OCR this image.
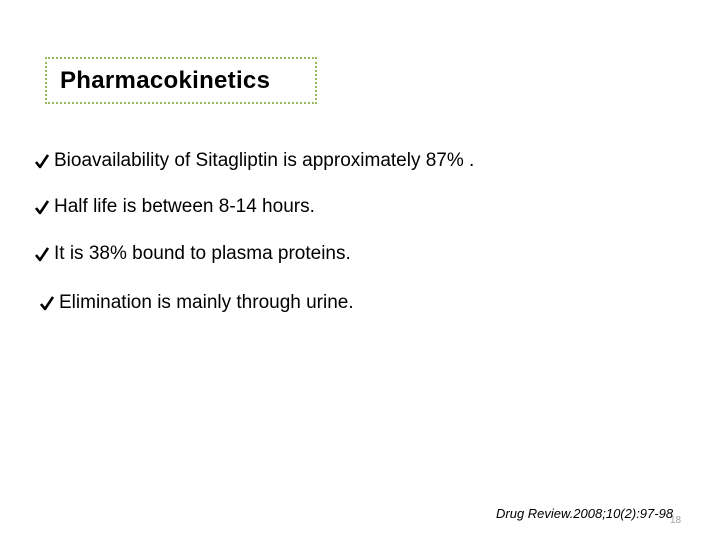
Pharmacokinetics
Bioavailability of Sitagliptin is approximately 87% .
Half life is between 8-14 hours.
It is 38% bound to plasma proteins.
Elimination is mainly through urine.
18
Drug Review.2008;10(2):97-98
